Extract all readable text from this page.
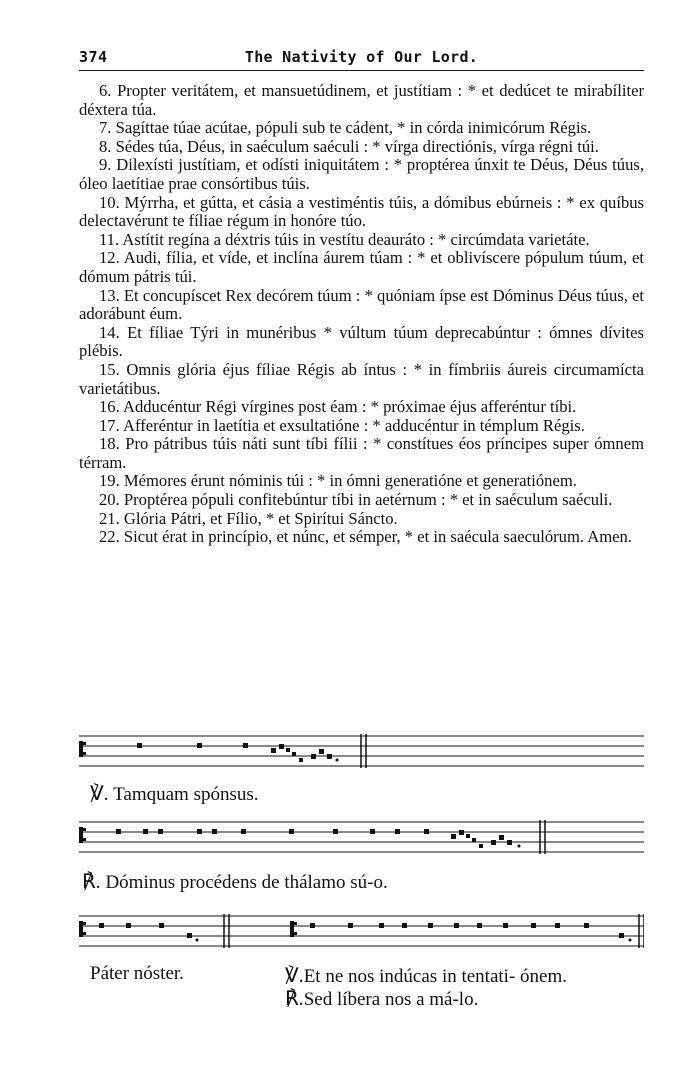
374	The Nativity of Our Lord.

6. Propter veritátem, et mansuetúdinem, et justítiam : * et dedúcet te mirabíliter déxtera túa.

7. Sagíttae túae acútae, pópuli sub te cádent, * in córda inimicórum Régis.

8. Sédes túa, Déus, in saéculum saéculi : * vírga directiónis, vírga régni túi.

9. Dilexísti justítiam, et odísti iniquitátem : * proptérea únxit te Déus, Déus túus, óleo laetítiae prae consórtibus túis.

10. Mýrrha, et gútta, et cásia a vestiméntis túis, a dómibus ebúrneis : * ex quíbus delectavérunt te fíliae régum in honóre túo.

11. Astítit regína a déxtris túis in vestítu deauráto : * circúmdata varietáte.

12. Audi, fília, et víde, et inclína áurem túam : * et oblivíscere pópulum túum, et dómum pátris túi.

13. Et concupíscet Rex decórem túum : * quóniam ípse est Dóminus Déus túus, et adorábunt éum.

14. Et fíliae Týri in munéribus * vúltum túum deprecabúntur : ómnes dívites plébis.

15. Omnis glória éjus fíliae Régis ab íntus : * in fímbriis áureis circumamícta varietátibus.

16. Adducéntur Régi vírgines post éam : * próximae éjus afferéntur tíbi.

17. Afferéntur in laetítia et exsultatióne : * adducéntur in témplum Régis.

18. Pro pátribus túis náti sunt tíbi fílii : * constítues éos príncipes super ómnem térram.

19. Mémores érunt nóminis túi : * in ómni generatióne et generatiónem.

20. Proptérea pópuli confitebúntur tíbi in aetérnum : * et in saéculum saéculi.

21. Glória Pátri, et Fílio, * et Spirítui Sáncto.

22. Sicut érat in princípio, et núnc, et sémper, * et in saécula saeculórum. Amen.

℣. Tamquam spónsus.
℟. Dóminus procédens de thálamo sú-o.
Páter nóster.	℣.Et ne nos indúcas in tentati- ónem.
℟.Sed líbera nos a má-lo.
